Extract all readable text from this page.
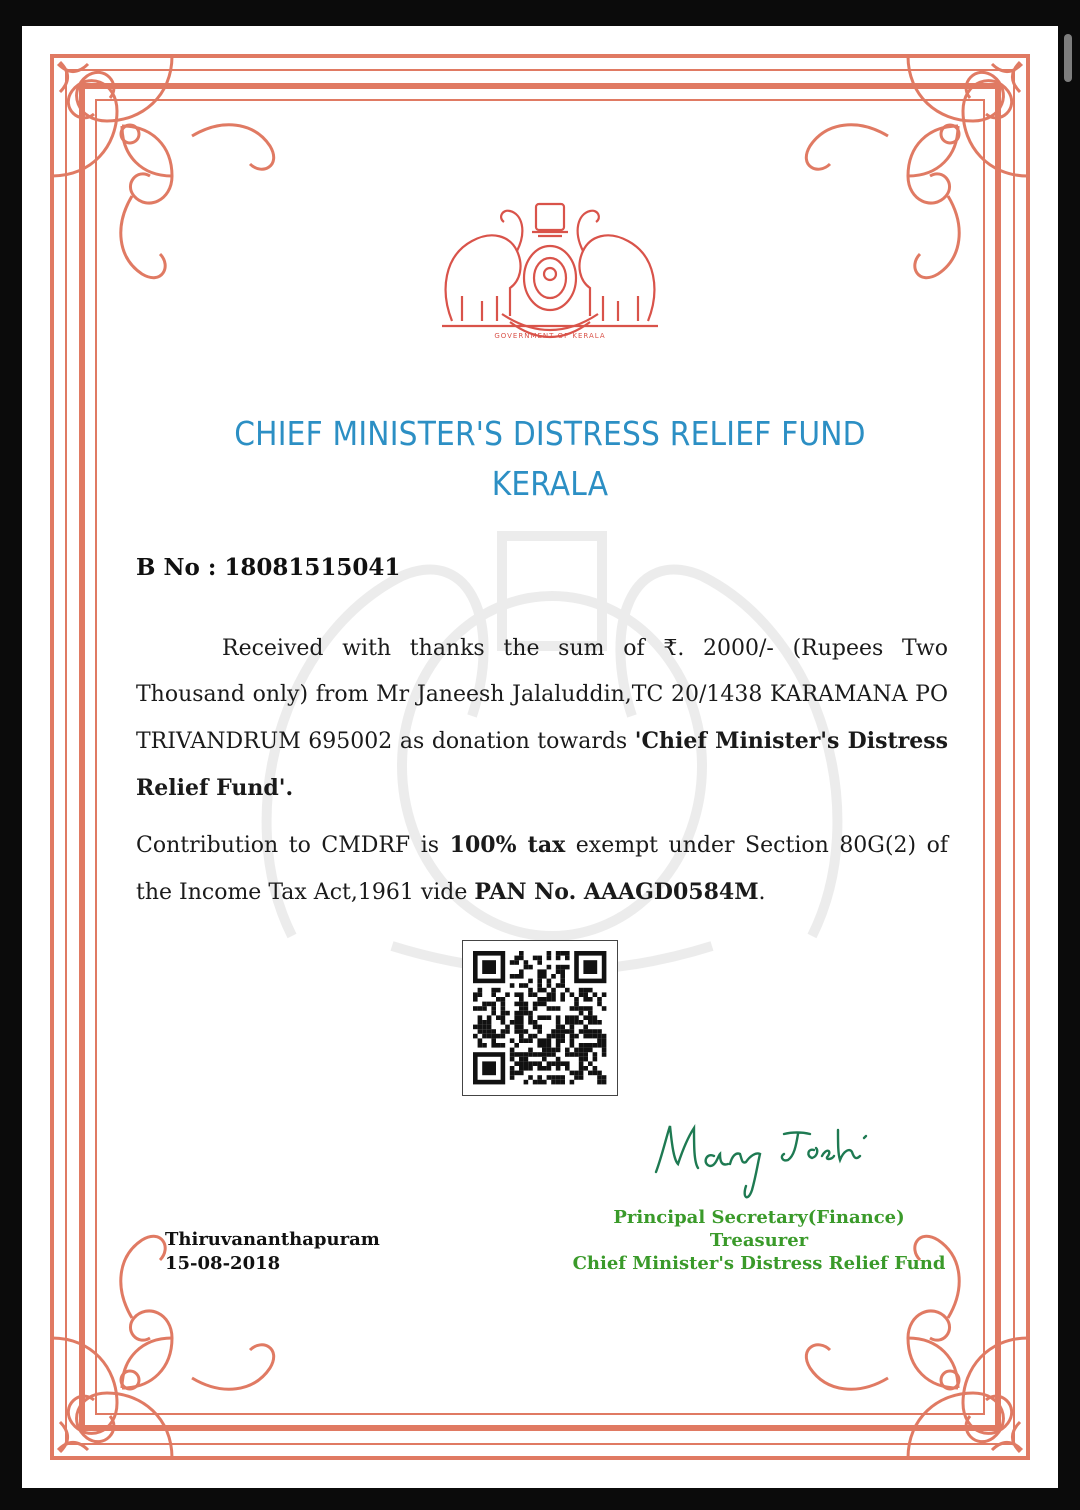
GOVERNMENT OF KERALA
CHIEF MINISTER'S DISTRESS RELIEF FUND
KERALA
B No : 18081515041
Received with thanks the sum of ₹. 2000/- (Rupees Two Thousand only) from Mr Janeesh Jalaluddin,TC 20/1438 KARAMANA PO TRIVANDRUM 695002 as donation towards 'Chief Minister's Distress Relief Fund'.
Contribution to CMDRF is 100% tax exempt under Section 80G(2) of the Income Tax Act,1961 vide PAN No. AAAGD0584M.
Thiruvananthapuram
15-08-2018
Principal Secretary(Finance)
Treasurer
Chief Minister's Distress Relief Fund
